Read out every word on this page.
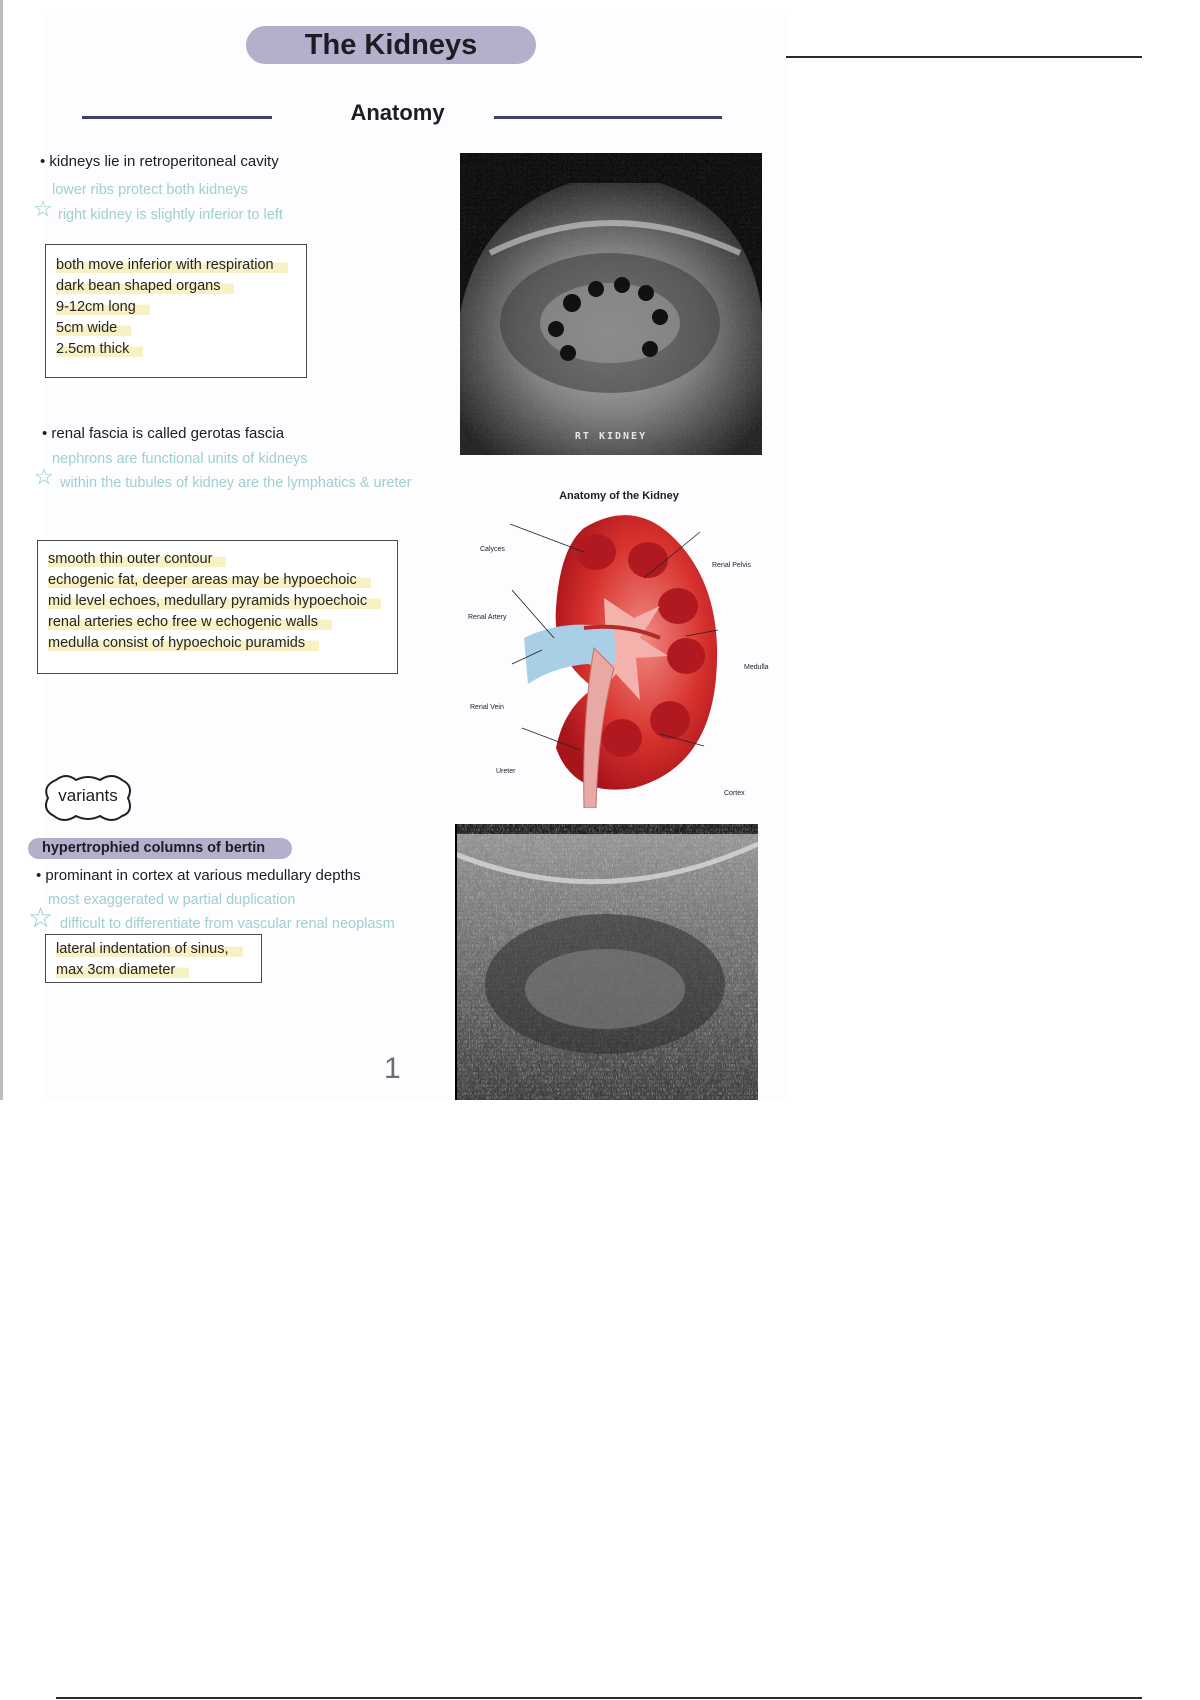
The Kidneys
Anatomy
• kidneys lie in retroperitoneal cavity
lower ribs protect both kidneys
☆ right kidney is slightly inferior to left
both move inferior with respiration
dark bean shaped organs
9-12cm long
5cm wide
2.5cm thick
RT KIDNEY
• renal fascia is called gerotas fascia
nephrons are functional units of kidneys
☆ within the tubules of kidney are the lymphatics & ureter
smooth thin outer contour
echogenic fat, deeper areas may be hypoechoic
mid level echoes, medullary pyramids hypoechoic
renal arteries echo free w echogenic walls
medulla consist of hypoechoic puramids
Anatomy of the Kidney
Calyces
Renal Pelvis
Renal Artery
Medulla
Renal Vein
Ureter
Cortex
variants
hypertrophied columns of bertin
• prominant in cortex at various medullary depths
most exaggerated w partial duplication
☆ difficult to differentiate from vascular renal neoplasm
lateral indentation of sinus,
max 3cm diameter
1
